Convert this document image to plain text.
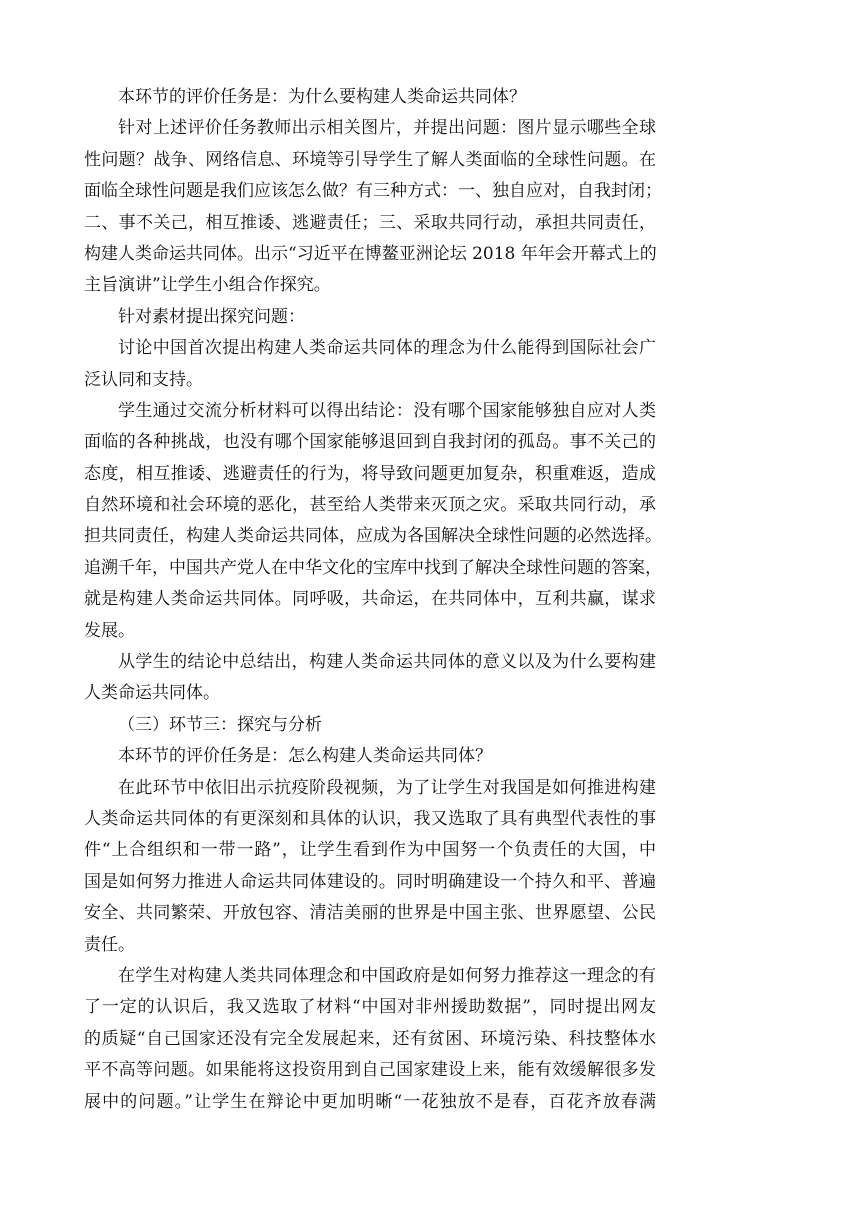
本环节的评价任务是：为什么要构建人类命运共同体？
针对上述评价任务教师出示相关图片，并提出问题：图片显示哪些全球
性问题？战争、网络信息、环境等引导学生了解人类面临的全球性问题。在
面临全球性问题是我们应该怎么做？有三种方式：一、独自应对，自我封闭；
二、事不关己，相互推诿、逃避责任；三、采取共同行动，承担共同责任，
构建人类命运共同体。出示“习近平在博鳌亚洲论坛 2018 年年会开幕式上的
主旨演讲”让学生小组合作探究。
针对素材提出探究问题：
讨论中国首次提出构建人类命运共同体的理念为什么能得到国际社会广
泛认同和支持。
学生通过交流分析材料可以得出结论：没有哪个国家能够独自应对人类
面临的各种挑战，也没有哪个国家能够退回到自我封闭的孤岛。事不关己的
态度，相互推诿、逃避责任的行为，将导致问题更加复杂，积重难返，造成
自然环境和社会环境的恶化，甚至给人类带来灭顶之灾。采取共同行动，承
担共同责任，构建人类命运共同体，应成为各国解决全球性问题的必然选择。
追溯千年，中国共产党人在中华文化的宝库中找到了解决全球性问题的答案，
就是构建人类命运共同体。同呼吸，共命运，在共同体中，互利共赢，谋求
发展。
从学生的结论中总结出，构建人类命运共同体的意义以及为什么要构建
人类命运共同体。
（三）环节三：探究与分析
本环节的评价任务是：怎么构建人类命运共同体？
在此环节中依旧出示抗疫阶段视频，为了让学生对我国是如何推进构建
人类命运共同体的有更深刻和具体的认识，我又选取了具有典型代表性的事
件“上合组织和一带一路”，让学生看到作为中国努一个负责任的大国，中
国是如何努力推进人命运共同体建设的。同时明确建设一个持久和平、普遍
安全、共同繁荣、开放包容、清洁美丽的世界是中国主张、世界愿望、公民
责任。
在学生对构建人类共同体理念和中国政府是如何努力推荐这一理念的有
了一定的认识后，我又选取了材料“中国对非州援助数据”，同时提出网友
的质疑“自己国家还没有完全发展起来，还有贫困、环境污染、科技整体水
平不高等问题。如果能将这投资用到自己国家建设上来，能有效缓解很多发
展中的问题。”让学生在辩论中更加明晰“一花独放不是春，百花齐放春满
